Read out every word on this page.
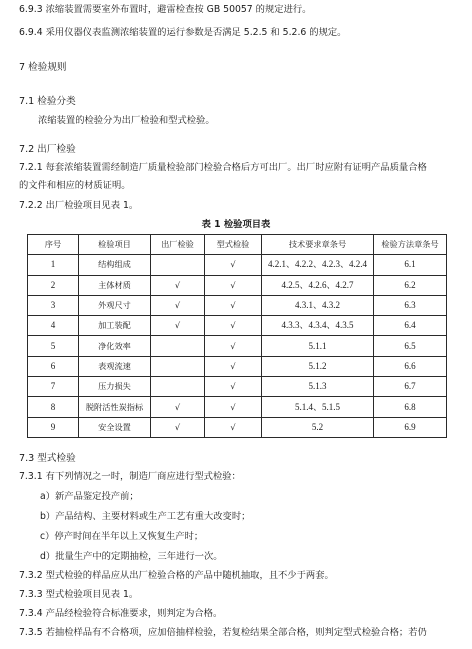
6.9.3 浓缩装置需要室外布置时，避雷检查按 GB 50057 的规定进行。
6.9.4 采用仪器仪表监测浓缩装置的运行参数是否满足 5.2.5 和 5.2.6 的规定。
7 检验规则
7.1 检验分类
浓缩装置的检验分为出厂检验和型式检验。
7.2 出厂检验
7.2.1 每套浓缩装置需经制造厂质量检验部门检验合格后方可出厂。出厂时应附有证明产品质量合格
的文件和相应的材质证明。
7.2.2 出厂检验项目见表 1。
表 1 检验项目表
序号	检验项目	出厂检验	型式检验	技术要求章条号	检验方法章条号
1	结构组成		√	4.2.1、4.2.2、4.2.3、4.2.4	6.1
2	主体材质	√	√	4.2.5、4.2.6、4.2.7	6.2
3	外观尺寸	√	√	4.3.1、4.3.2	6.3
4	加工装配	√	√	4.3.3、4.3.4、4.3.5	6.4
5	净化效率		√	5.1.1	6.5
6	表观流速		√	5.1.2	6.6
7	压力损失		√	5.1.3	6.7
8	脱附活性炭指标	√	√	5.1.4、5.1.5	6.8
9	安全设置	√	√	5.2	6.9
7.3 型式检验
7.3.1 有下列情况之一时，制造厂商应进行型式检验：
a）新产品鉴定投产前；
b）产品结构、主要材料或生产工艺有重大改变时；
c）停产时间在半年以上又恢复生产时；
d）批量生产中的定期抽检，三年进行一次。
7.3.2 型式检验的样品应从出厂检验合格的产品中随机抽取，且不少于两套。
7.3.3 型式检验项目见表 1。
7.3.4 产品经检验符合标准要求，则判定为合格。
7.3.5 若抽检样品有不合格项，应加倍抽样检验，若复检结果全部合格，则判定型式检验合格；若仍
